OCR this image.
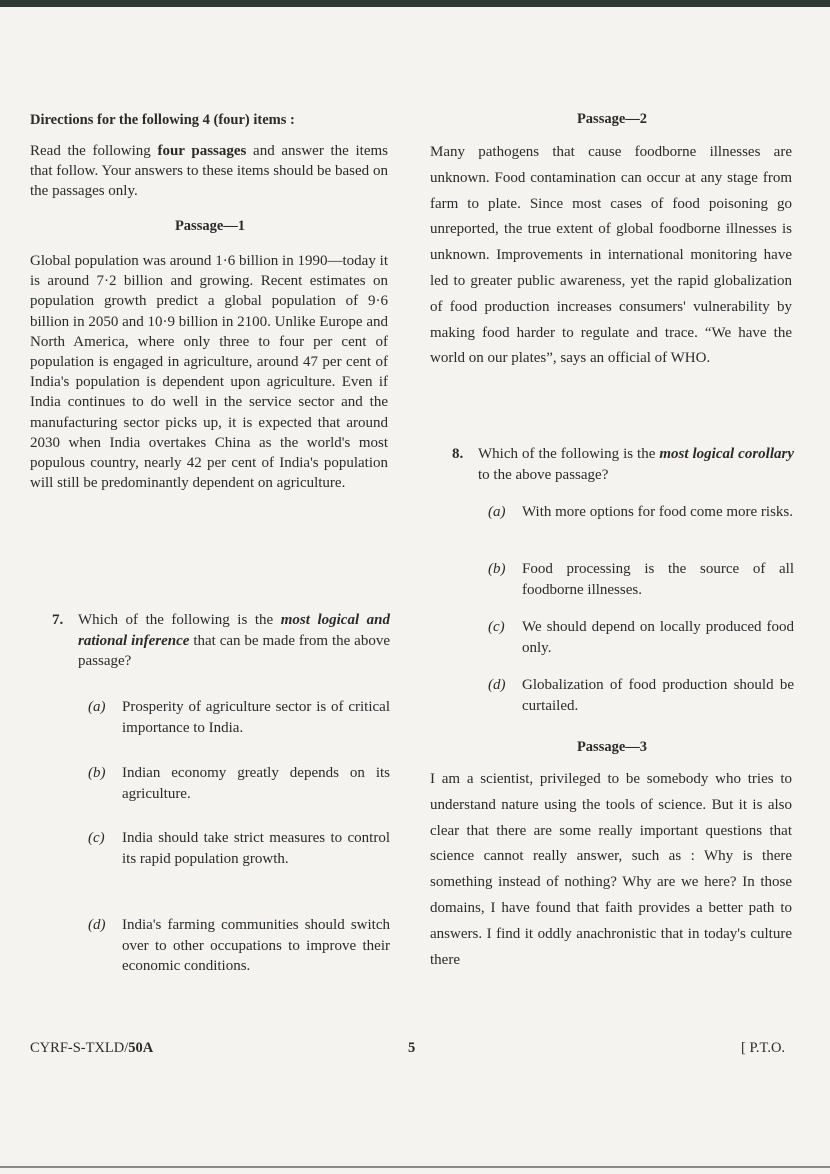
Directions for the following 4 (four) items :

Read the following four passages and answer the items that follow. Your answers to these items should be based on the passages only.

Passage—1

Global population was around 1·6 billion in 1990—today it is around 7·2 billion and growing. Recent estimates on population growth predict a global population of 9·6 billion in 2050 and 10·9 billion in 2100. Unlike Europe and North America, where only three to four per cent of population is engaged in agriculture, around 47 per cent of India's population is dependent upon agriculture. Even if India continues to do well in the service sector and the manufacturing sector picks up, it is expected that around 2030 when India overtakes China as the world's most populous country, nearly 42 per cent of India's population will still be predominantly dependent on agriculture.

7. Which of the following is the most logical and rational inference that can be made from the above passage?

(a) Prosperity of agriculture sector is of critical importance to India.

(b) Indian economy greatly depends on its agriculture.

(c) India should take strict measures to control its rapid population growth.

(d) India's farming communities should switch over to other occupations to improve their economic conditions.

Passage—2

Many pathogens that cause foodborne illnesses are unknown. Food contamination can occur at any stage from farm to plate. Since most cases of food poisoning go unreported, the true extent of global foodborne illnesses is unknown. Improvements in international monitoring have led to greater public awareness, yet the rapid globalization of food production increases consumers' vulnerability by making food harder to regulate and trace. “We have the world on our plates”, says an official of WHO.

8. Which of the following is the most logical corollary to the above passage?

(a) With more options for food come more risks.

(b) Food processing is the source of all foodborne illnesses.

(c) We should depend on locally produced food only.

(d) Globalization of food production should be curtailed.

Passage—3

I am a scientist, privileged to be somebody who tries to understand nature using the tools of science. But it is also clear that there are some really important questions that science cannot really answer, such as : Why is there something instead of nothing? Why are we here? In those domains, I have found that faith provides a better path to answers. I find it oddly anachronistic that in today's culture there

CYRF-S-TXLD/50A	5	[ P.T.O.
